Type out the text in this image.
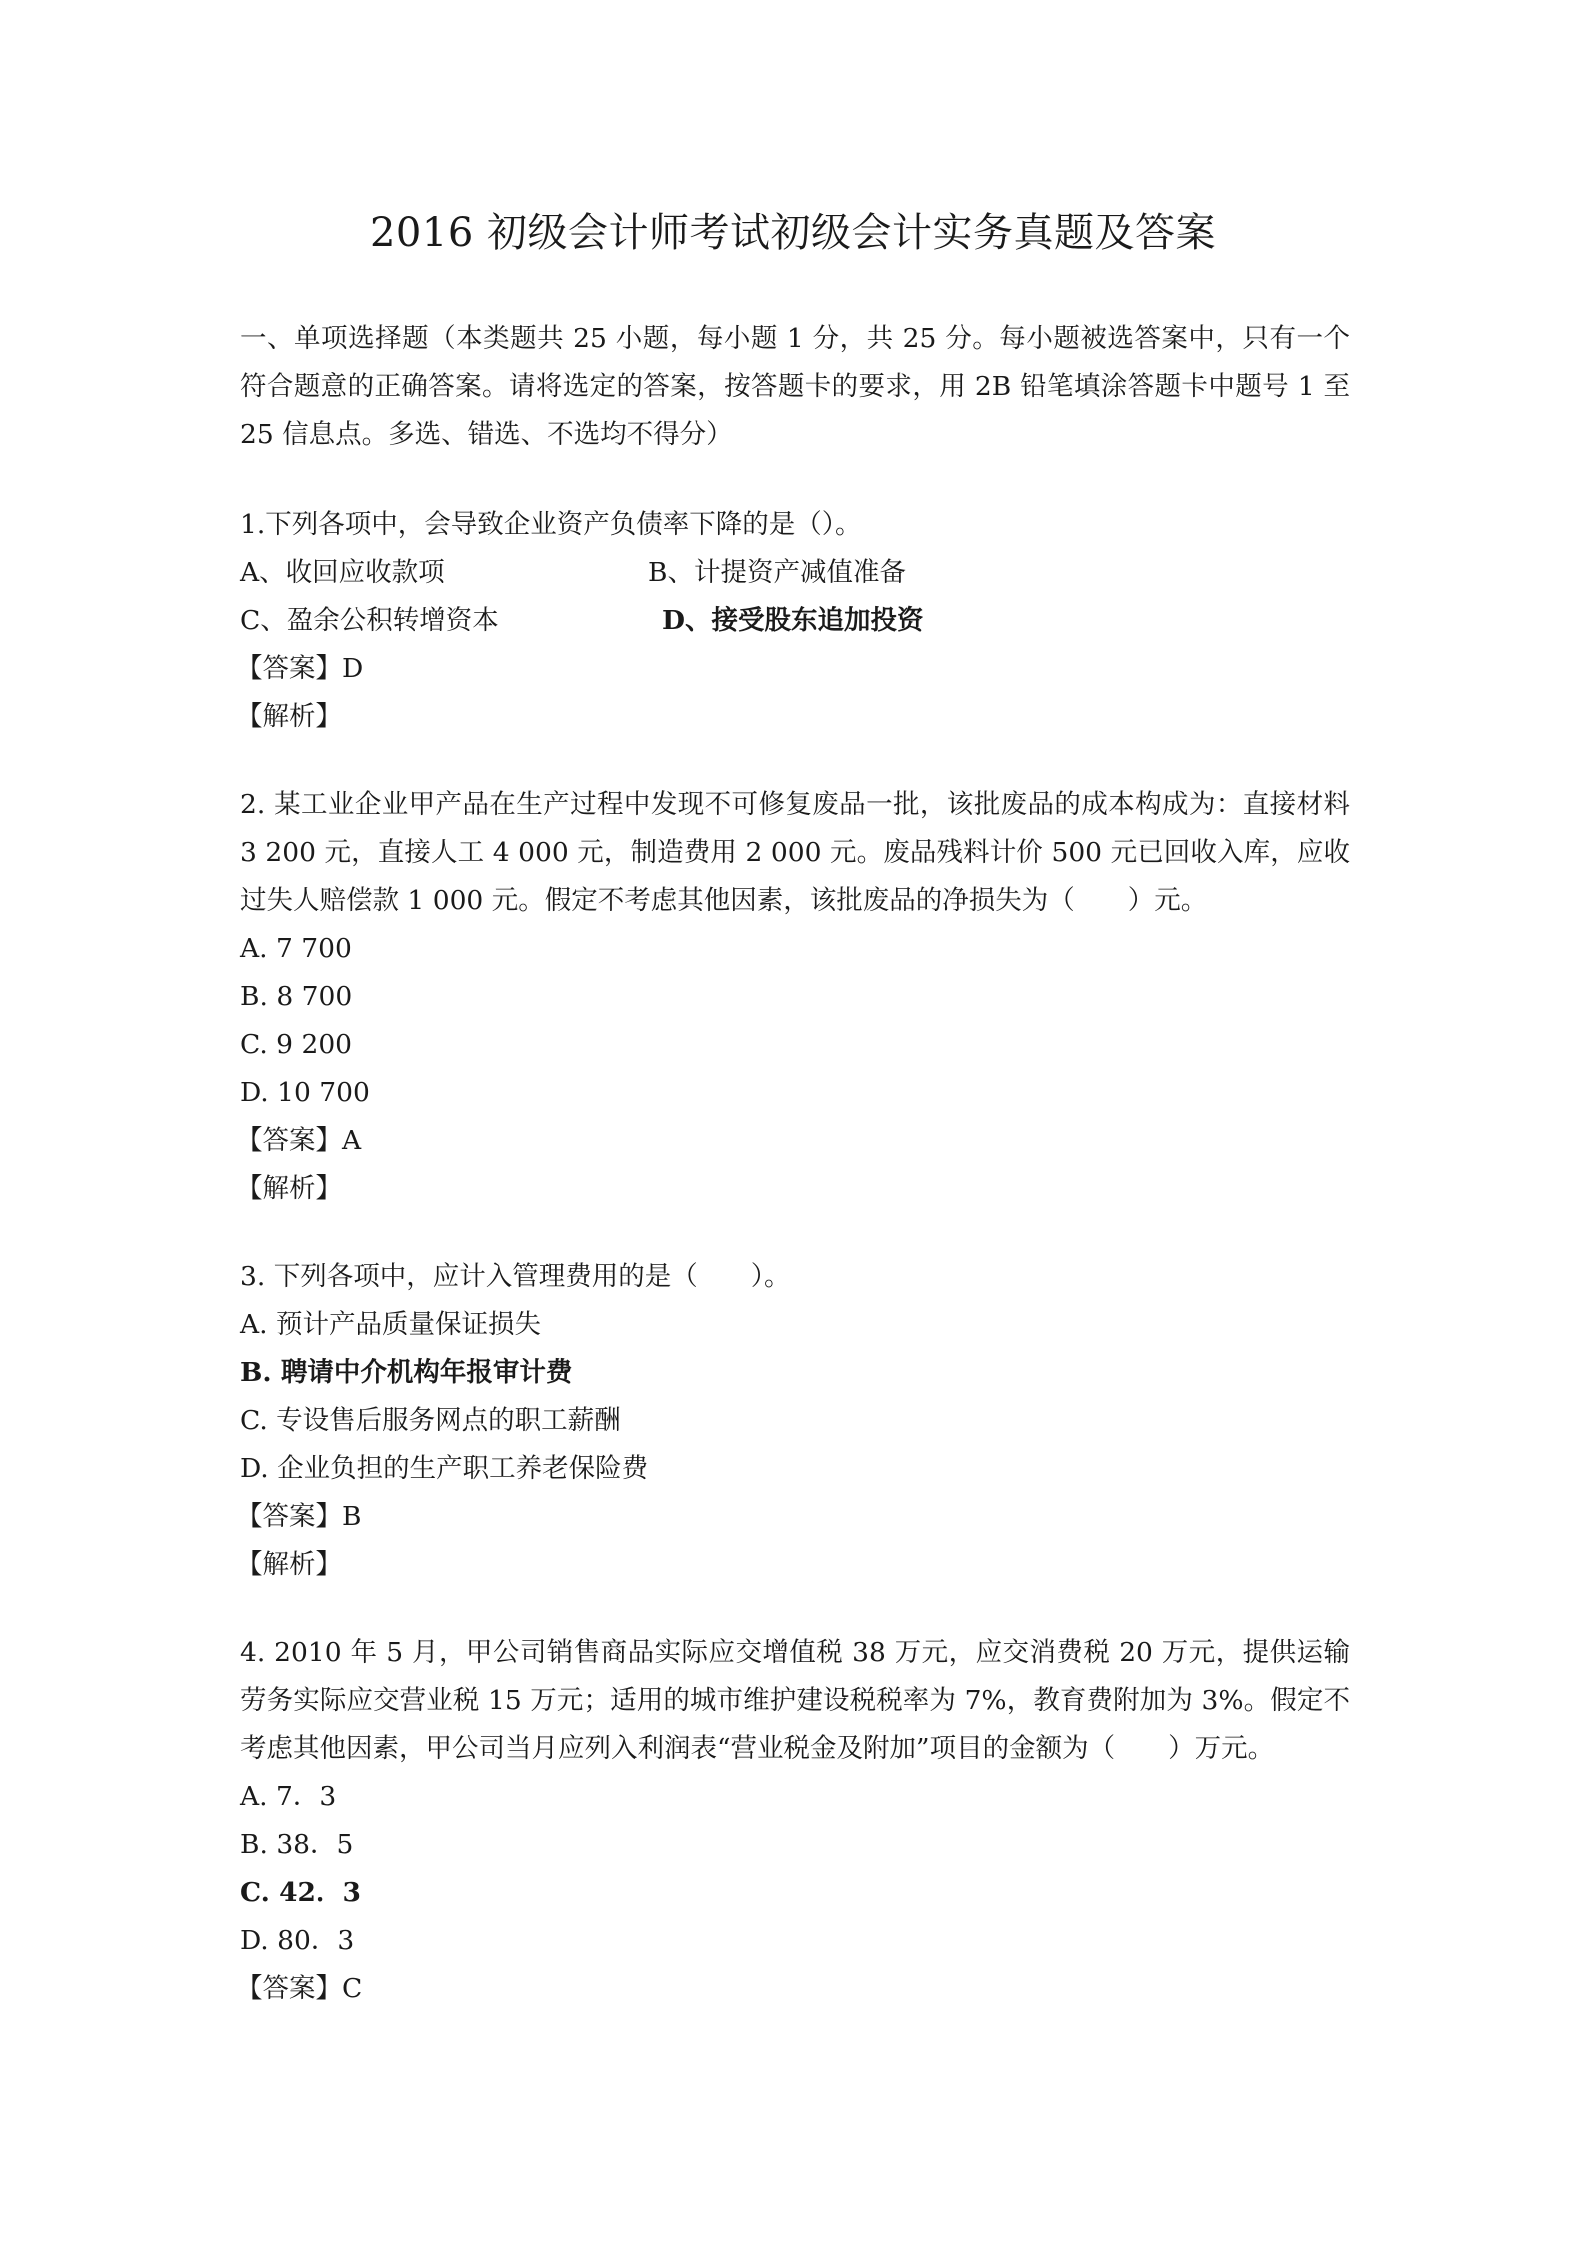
2016 初级会计师考试初级会计实务真题及答案

一、单项选择题（本类题共 25 小题，每小题 1 分，共 25 分。每小题被选答案中，只有一个符合题意的正确答案。请将选定的答案，按答题卡的要求，用 2B 铅笔填涂答题卡中题号 1 至 25 信息点。多选、错选、不选均不得分）

1.下列各项中，会导致企业资产负债率下降的是（）。
A、收回应收款项	B、计提资产减值准备
C、盈余公积转增资本	D、接受股东追加投资
【答案】D
【解析】

2. 某工业企业甲产品在生产过程中发现不可修复废品一批，该批废品的成本构成为：直接材料 3 200 元，直接人工 4 000 元，制造费用 2 000 元。废品残料计价 500 元已回收入库，应收过失人赔偿款 1 000 元。假定不考虑其他因素，该批废品的净损失为（　　）元。

A. 7 700
B. 8 700
C. 9 200
D. 10 700
【答案】A
【解析】
3. 下列各项中，应计入管理费用的是（　　）。
A. 预计产品质量保证损失
B. 聘请中介机构年报审计费
C. 专设售后服务网点的职工薪酬
D. 企业负担的生产职工养老保险费
【答案】B
【解析】

4. 2010 年 5 月，甲公司销售商品实际应交增值税 38 万元，应交消费税 20 万元，提供运输劳务实际应交营业税 15 万元；适用的城市维护建设税税率为 7%，教育费附加为 3%。假定不考虑其他因素，甲公司当月应列入利润表“营业税金及附加”项目的金额为（　　）万元。

A. 7．3
B. 38．5
C. 42．3
D. 80．3
【答案】C
